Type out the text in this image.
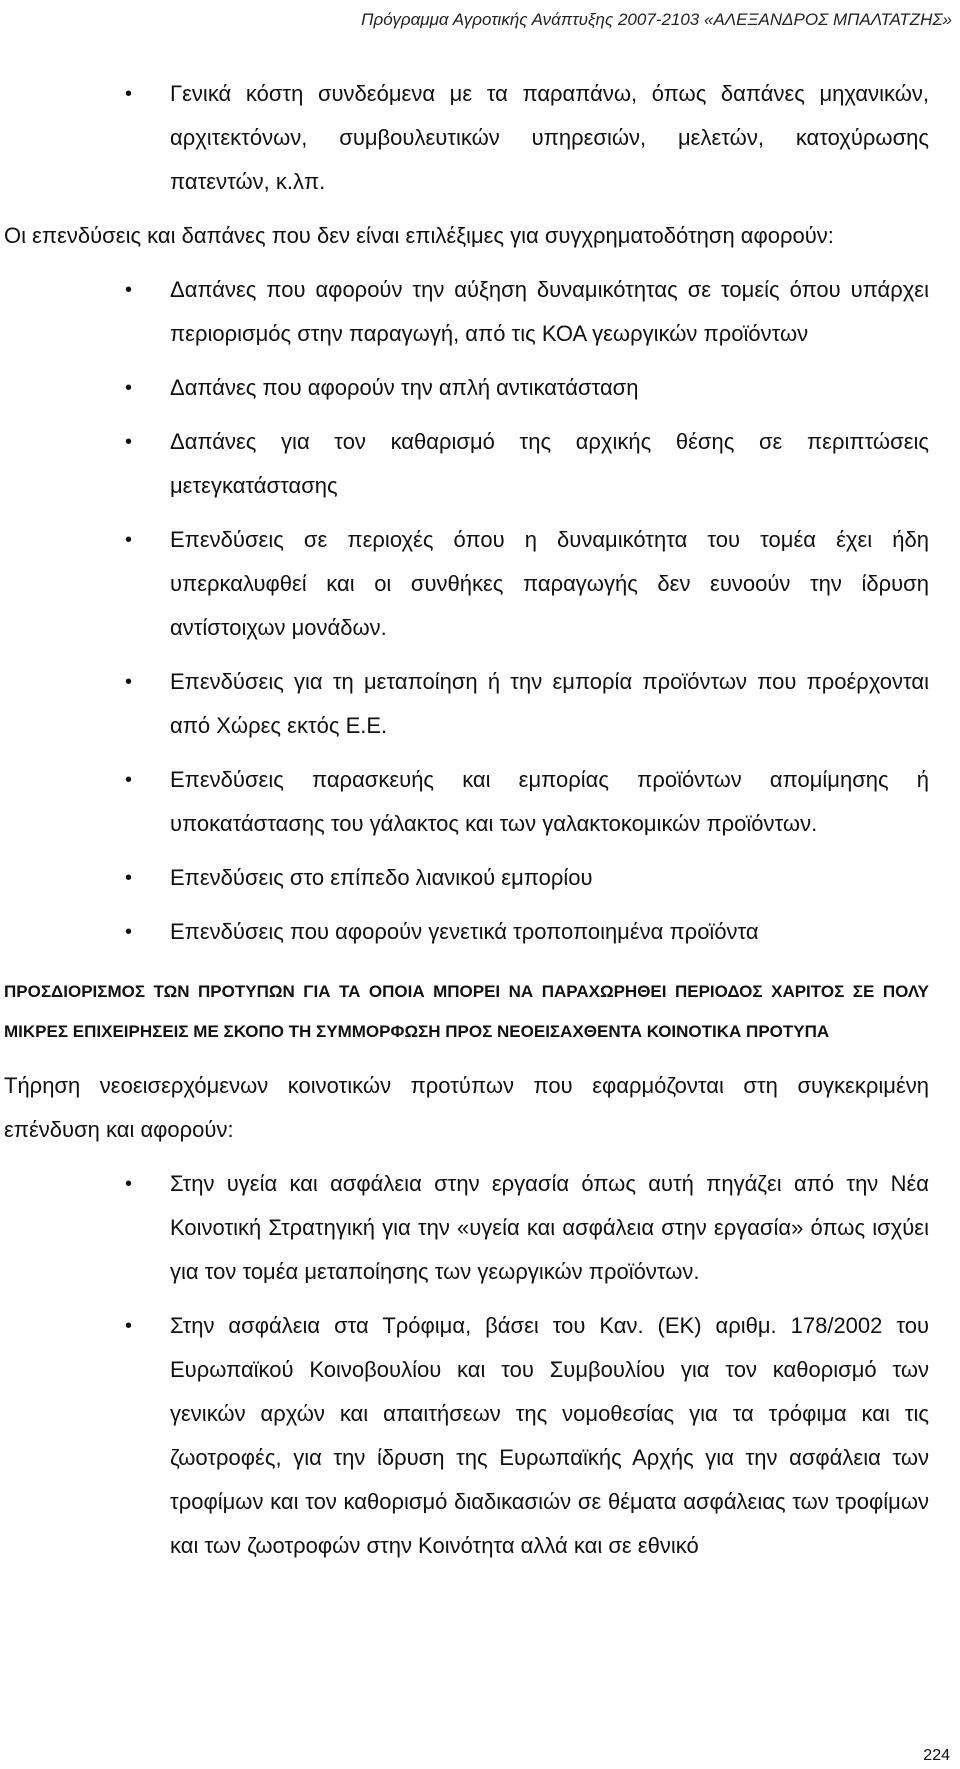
Πρόγραμμα Αγροτικής Ανάπτυξης 2007-2103 «ΑΛΕΞΑΝΔΡΟΣ ΜΠΑΛΤΑΤΖΗΣ»
• Γενικά κόστη συνδεόμενα με τα παραπάνω, όπως δαπάνες μηχανικών, αρχιτεκτόνων, συμβουλευτικών υπηρεσιών, μελετών, κατοχύρωσης πατεντών, κ.λπ.

Οι επενδύσεις και δαπάνες που δεν είναι επιλέξιμες για συγχρηματοδότηση αφορούν:

• Δαπάνες που αφορούν την αύξηση δυναμικότητας σε τομείς όπου υπάρχει περιορισμός στην παραγωγή, από τις ΚΟΑ γεωργικών προϊόντων
• Δαπάνες που αφορούν την απλή αντικατάσταση
• Δαπάνες για τον καθαρισμό της αρχικής θέσης σε περιπτώσεις μετεγκατάστασης
• Επενδύσεις σε περιοχές όπου η δυναμικότητα του τομέα έχει ήδη υπερκαλυφθεί και οι συνθήκες παραγωγής δεν ευνοούν την ίδρυση αντίστοιχων μονάδων.
• Επενδύσεις για τη μεταποίηση ή την εμπορία προϊόντων που προέρχονται από Χώρες εκτός Ε.Ε.
• Επενδύσεις παρασκευής και εμπορίας προϊόντων απομίμησης ή υποκατάστασης του γάλακτος και των γαλακτοκομικών προϊόντων.
• Επενδύσεις στο επίπεδο λιανικού εμπορίου
• Επενδύσεις που αφορούν γενετικά τροποποιημένα προϊόντα

ΠΡΟΣΔΙΟΡΙΣΜΟΣ ΤΩΝ ΠΡΟΤΥΠΩΝ ΓΙΑ ΤΑ ΟΠΟΙΑ ΜΠΟΡΕΙ ΝΑ ΠΑΡΑΧΩΡΗΘΕΙ ΠΕΡΙΟΔΟΣ ΧΑΡΙΤΟΣ ΣΕ ΠΟΛΥ ΜΙΚΡΕΣ ΕΠΙΧΕΙΡΗΣΕΙΣ ΜΕ ΣΚΟΠΟ ΤΗ ΣΥΜΜΟΡΦΩΣΗ ΠΡΟΣ ΝΕΟΕΙΣΑΧΘΕΝΤΑ ΚΟΙΝΟΤΙΚΑ ΠΡΟΤΥΠΑ

Τήρηση νεοεισερχόμενων κοινοτικών προτύπων που εφαρμόζονται στη συγκεκριμένη επένδυση και αφορούν:

• Στην υγεία και ασφάλεια στην εργασία όπως αυτή πηγάζει από την Νέα Κοινοτική Στρατηγική για την «υγεία και ασφάλεια στην εργασία» όπως ισχύει για τον τομέα μεταποίησης των γεωργικών προϊόντων.
• Στην ασφάλεια στα Τρόφιμα, βάσει του Καν. (ΕΚ) αριθμ. 178/2002 του Ευρωπαϊκού Κοινοβουλίου και του Συμβουλίου για τον καθορισμό των γενικών αρχών και απαιτήσεων της νομοθεσίας για τα τρόφιμα και τις ζωοτροφές, για την ίδρυση της Ευρωπαϊκής Αρχής για την ασφάλεια των τροφίμων και τον καθορισμό διαδικασιών σε θέματα ασφάλειας των τροφίμων και των ζωοτροφών στην Κοινότητα αλλά και σε εθνικό
224
